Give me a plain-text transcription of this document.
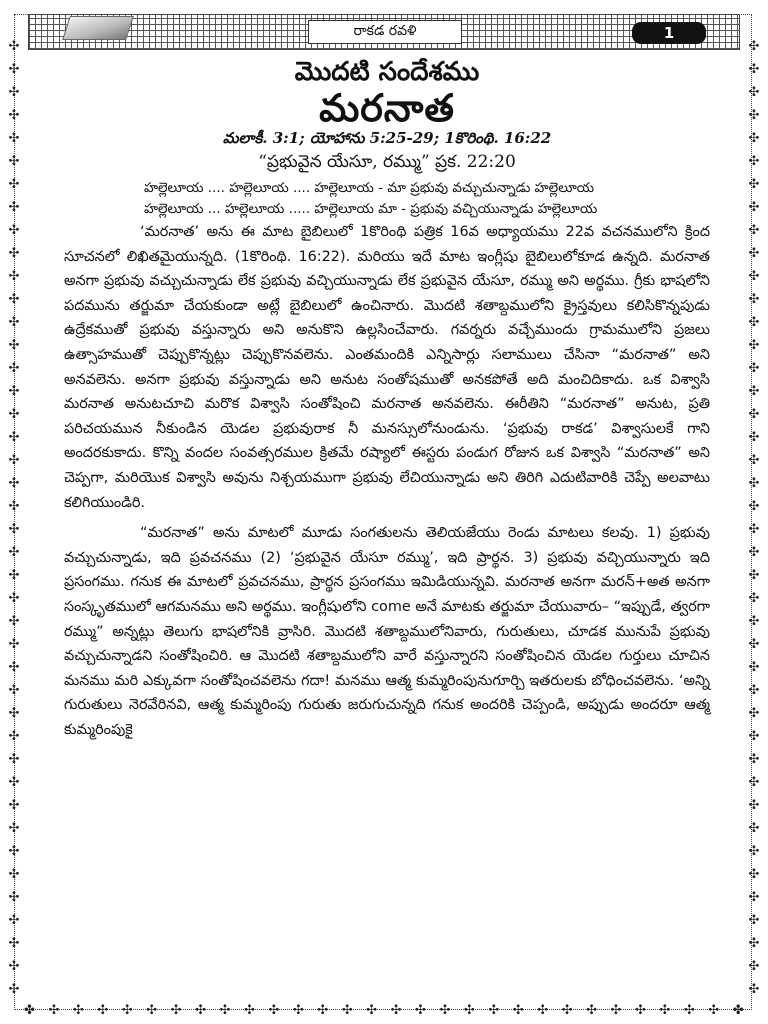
✣
✣
✣
✣
✣
✣
✣
✣
✣
✣
✣
✣
✣
✣
✣
✣
✣
✣
✣
✣
✣
✣
✣
✣
✣
✣
✣
✣
✣
✣
✣
✣
✣
✣
✣
✣
✣
✣
✣
✣
✣
✣
✣
✣
✣
✣
✣
✣
✣
✣
✣
✣
✣
✣
✣
✣
✣
✣
✣
✣
✣
✣
✣
✣
✣
✣
✣
✣
✣
✣
✣
✣
✣
✣
✣
✣
✣
✣
✣
✣
✣
✣
✣
✣
✤ ✣ ✣ ✣ ✣ ✣ ✣ ✣ ✣ ✣ ✣ ✣ ✣ ✣ ✣ ✣ ✣ ✣ ✣ ✣ ✣ ✣ ✣ ✣ ✣ ✣ ✣ ✣ ✣ ✤
రాకడ రవళి	1

మొదటి సందేశము

మరనాత

మలాకీ. 3:1; యోహాను 5:25-29; 1కొరింథి. 16:22

“ప్రభువైన యేసూ, రమ్ము” ప్రక. 22:20

హల్లెలూయ .... హల్లెలూయ .... హల్లెలూయ - మా ప్రభువు వచ్చుచున్నాడు హల్లెలూయ

హల్లెలూయ ... హల్లెలూయ ..... హల్లెలూయ మా - ప్రభువు వచ్చియున్నాడు హల్లెలూయ

‘మరనాత’ అను ఈ మాట బైబిలులో 1కొరింథి పత్రిక 16వ అధ్యాయము 22వ వచనములోని క్రింద సూచనలో లిఖితమైయున్నది. (1కొరింథి. 16:22). మరియు ఇదే మాట ఇంగ్లీషు బైబిలులోకూడ ఉన్నది. మరనాత అనగా ప్రభువు వచ్చుచున్నాడు లేక ప్రభువు వచ్చియున్నాడు లేక ప్రభువైన యేసూ, రమ్ము అని అర్థము. గ్రీకు భాషలోని పదమును తర్జుమా చేయకుండా అట్లే బైబిలులో ఉంచినారు. మొదటి శతాబ్దములోని క్రైస్తవులు కలిసికొన్నపుడు ఉద్రేకముతో ప్రభువు వస్తున్నారు అని అనుకొని ఉల్లసించేవారు. గవర్నరు వచ్చేముందు గ్రామములోని ప్రజలు ఉత్సాహముతో చెప్పుకొన్నట్లు చెప్పుకొనవలెను. ఎంతమందికి ఎన్నిసార్లు సలాములు చేసినా “మరనాత” అని అనవలెను. అనగా ప్రభువు వస్తున్నాడు అని అనుట సంతోషముతో అనకపోతే అది మంచిదికాదు. ఒక విశ్వాసి మరనాత అనుటచూచి మరొక విశ్వాసి సంతోషించి మరనాత అనవలెను. ఈరీతిని “మరనాత” అనుట, ప్రతి పరిచయమున నీకుండిన యెడల ప్రభువురాక నీ మనస్సులోనుండును. ‘ప్రభువు రాకడ’ విశ్వాసులకే గాని అందరకుకాదు. కొన్ని వందల సంవత్సరముల క్రితమే రష్యాలో ఈస్టరు పండుగ రోజున ఒక విశ్వాసి “మరనాత” అని చెప్పగా, మరియొక విశ్వాసి అవును నిశ్చయముగా ప్రభువు లేచియున్నాడు అని తిరిగి ఎదుటివారికి చెప్పే అలవాటు కలిగియుండిరి.

“మరనాత” అను మాటలో మూడు సంగతులను తెలియజేయు రెండు మాటలు కలవు. 1) ప్రభువు వచ్చుచున్నాడు, ఇది ప్రవచనము (2) ‘ప్రభువైన యేసూ రమ్ము’, ఇది ప్రార్థన. 3) ప్రభువు వచ్చియున్నారు ఇది ప్రసంగము. గనుక ఈ మాటలో ప్రవచనము, ప్రార్థన ప్రసంగము ఇమిడియున్నవి. మరనాత అనగా మరన్+అత అనగా సంస్కృతములో ఆగమనము అని అర్థము. ఇంగ్లీషులోని come అనే మాటకు తర్జుమా చేయువారు– “ఇప్పుడే, త్వరగా రమ్ము” అన్నట్లు తెలుగు భాషలోనికి వ్రాసిరి. మొదటి శతాబ్దములోనివారు, గురుతులు, చూడక మునుపే ప్రభువు వచ్చుచున్నాడని సంతోషించిరి. ఆ మొదటి శతాబ్దములోని వారే వస్తున్నారని సంతోషించిన యెడల గుర్తులు చూచిన మనము మరి ఎక్కువగా సంతోషించవలెను గదా! మనము ఆత్మ కుమ్మరింపునుగూర్చి ఇతరులకు బోధించవలెను. ‘అన్ని గురుతులు నెరవేరినవి, ఆత్మ కుమ్మరింపు గురుతు జరుగుచున్నది గనుక అందరికి చెప్పండి, అప్పుడు అందరూ ఆత్మ కుమ్మరింపుకై
